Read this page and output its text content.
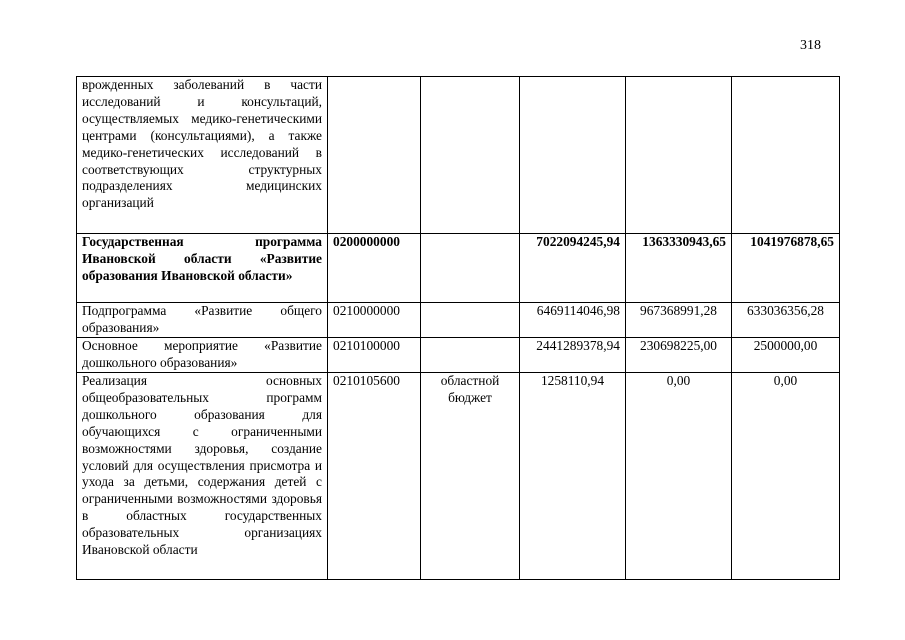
318
врожденных заболеваний в части исследований и консультаций, осуществляемых медико-генетическими центрами (консультациями), а также медико-генетических исследований в соответствующих структурных подразделениях медицинских организаций					
Государственная программа Ивановской области «Развитие образования Ивановской области»	0200000000		7022094245,94	1363330943,65	1041976878,65
Подпрограмма «Развитие общего образования»	0210000000		6469114046,98	967368991,28	633036356,28
Основное мероприятие «Развитие дошкольного образования»	0210100000		2441289378,94	230698225,00	2500000,00
Реализация основных общеобразовательных программ дошкольного образования для обучающихся с ограниченными возможностями здоровья, создание условий для осуществления присмотра и ухода за детьми, содержания детей с ограниченными возможностями здоровья в областных государственных образовательных организациях Ивановской области	0210105600	областной бюджет	1258110,94	0,00	0,00
